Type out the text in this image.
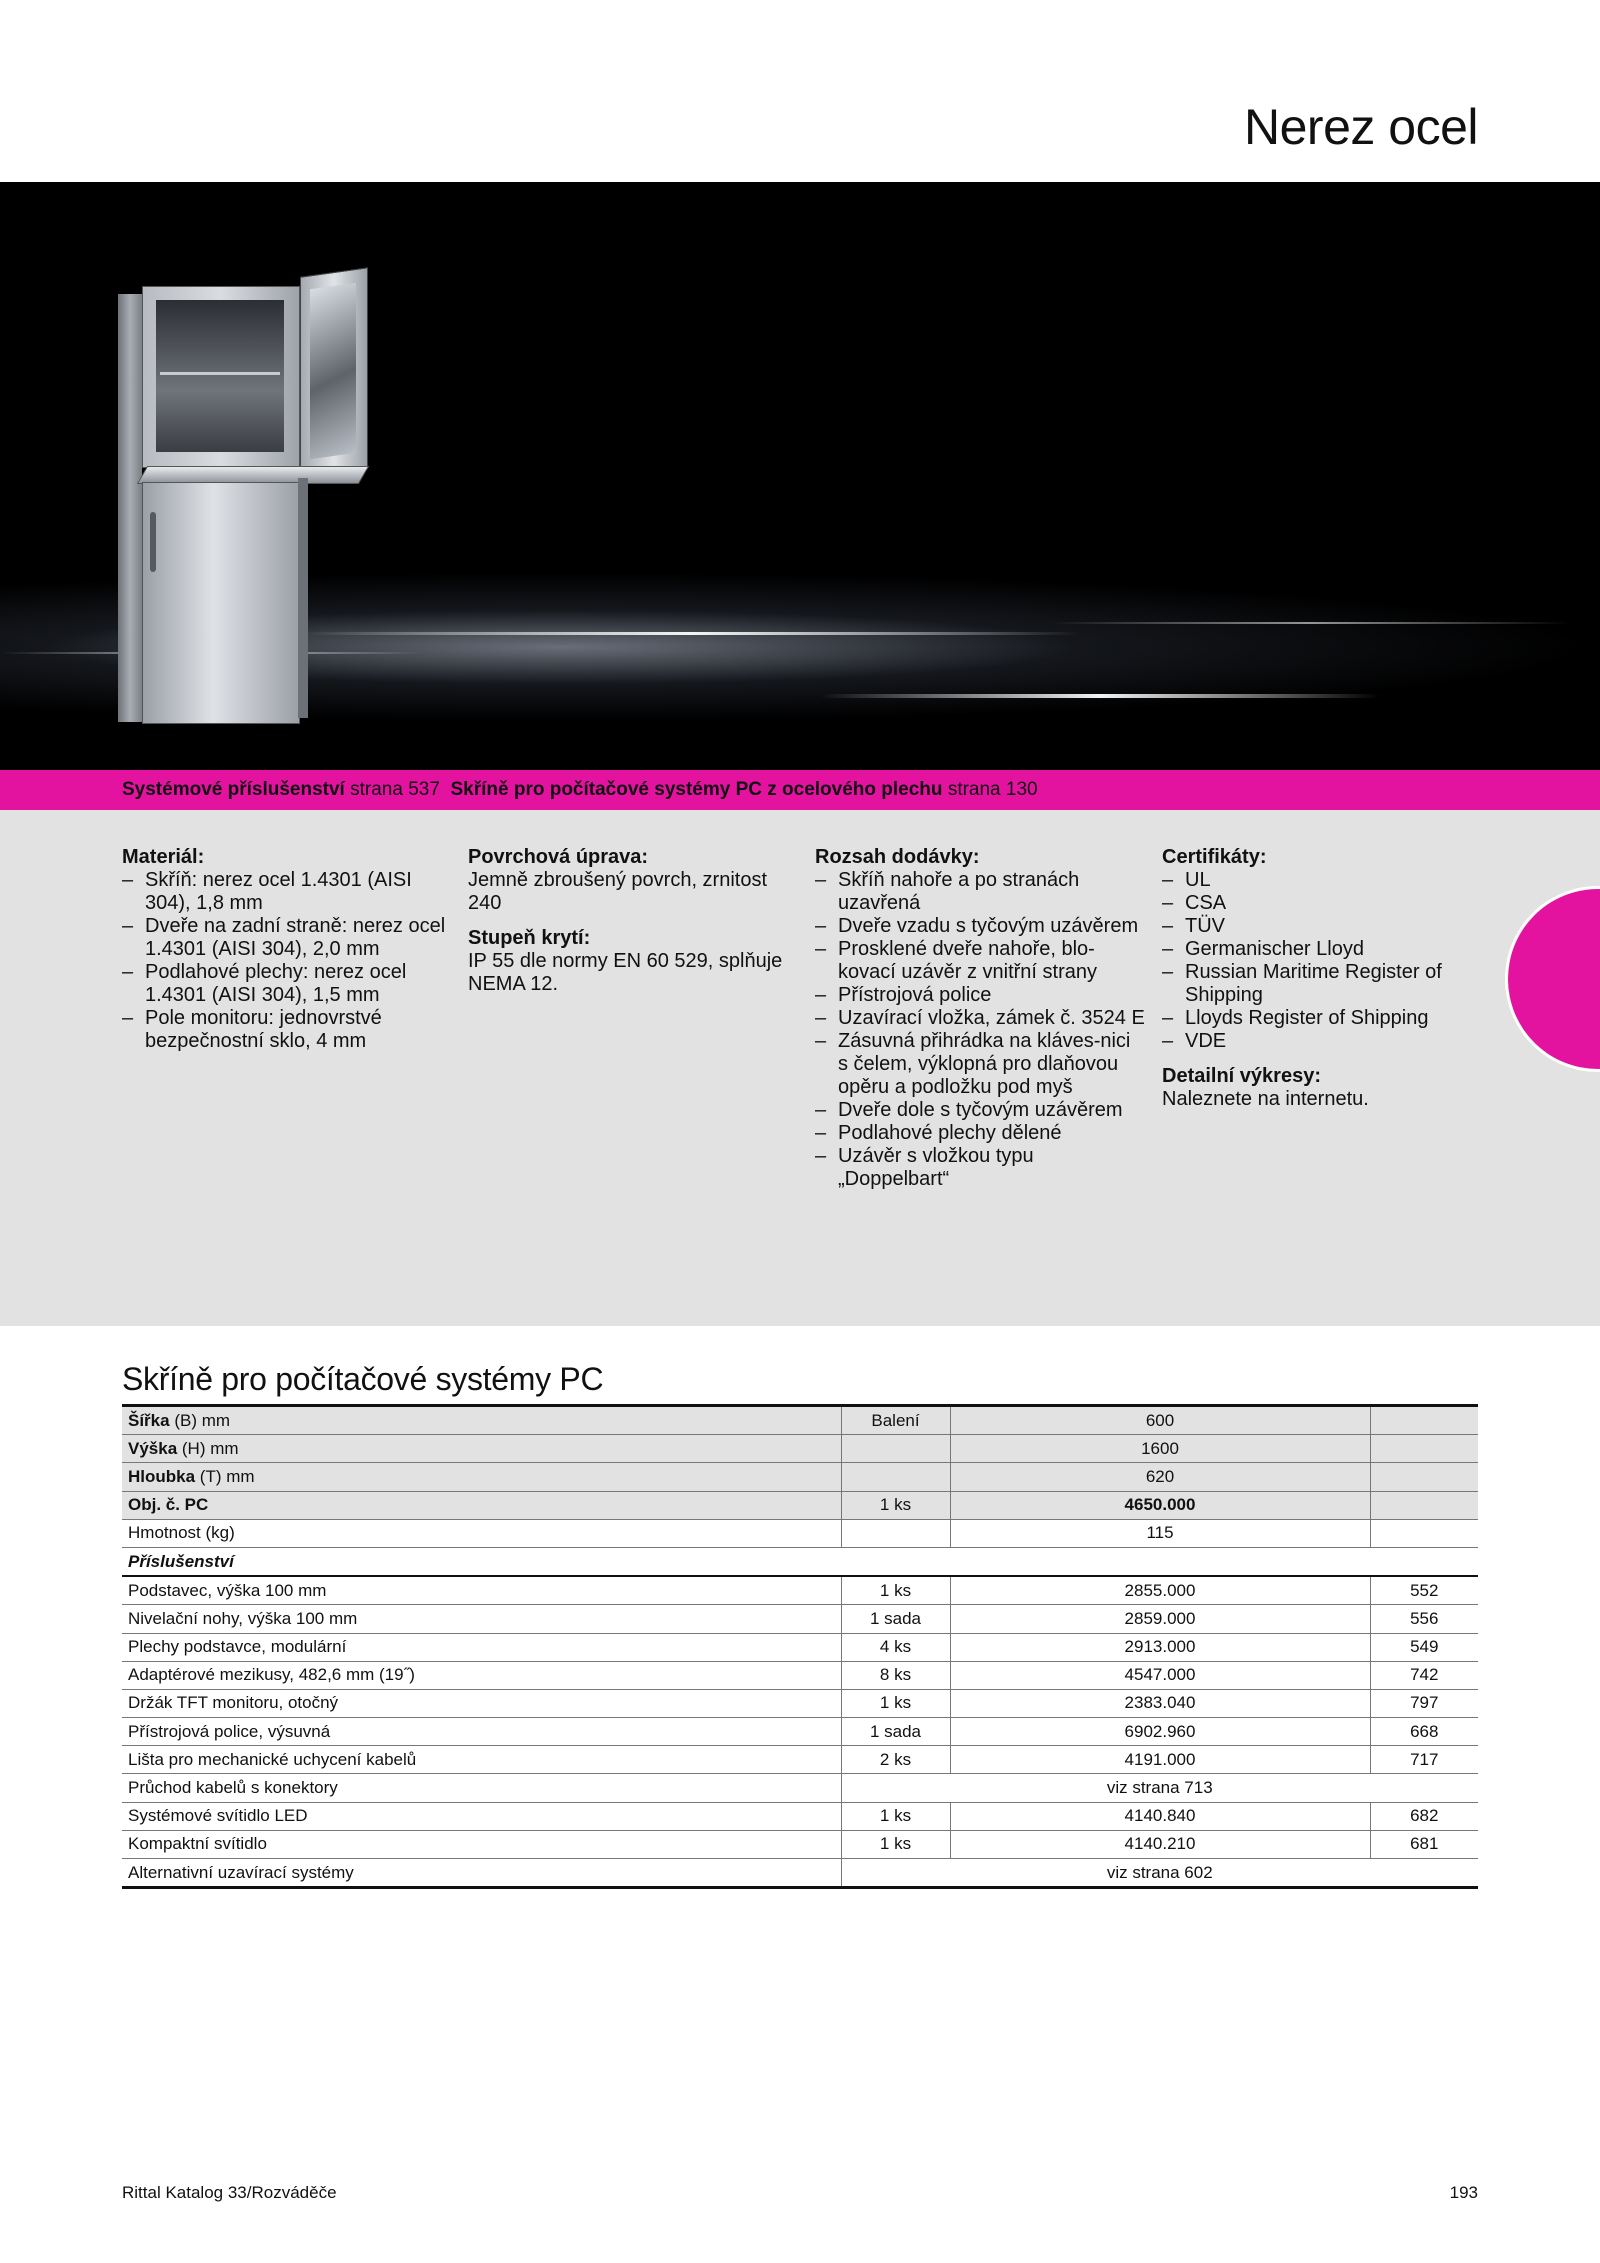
Nerez ocel
Systémové příslušenství strana 537 Skříně pro počítačové systémy PC z ocelového plechu strana 130
Materiál:
– Skříň: nerez ocel 1.4301 (AISI 304), 1,8 mm
– Dveře na zadní straně: nerez ocel 1.4301 (AISI 304), 2,0 mm
– Podlahové plechy: nerez ocel 1.4301 (AISI 304), 1,5 mm
– Pole monitoru: jednovrstvé bezpečnostní sklo, 4 mm
Povrchová úprava:

Jemně zbroušený povrch, zrnitost 240

Stupeň krytí:

IP 55 dle normy EN 60 529, splňuje NEMA 12.

Rozsah dodávky:
– Skříň nahoře a po stranách uzavřená
– Dveře vzadu s tyčovým uzávěrem
– Prosklené dveře nahoře, blo-kovací uzávěr z vnitřní strany
– Přístrojová police
– Uzavírací vložka, zámek č. 3524 E
– Zásuvná přihrádka na kláves-nici s čelem, výklopná pro dlaňovou opěru a podložku pod myš
– Dveře dole s tyčovým uzávěrem
– Podlahové plechy dělené
– Uzávěr s vložkou typu „Doppelbart“
Certifikáty:
– UL
– CSA
– TÜV
– Germanischer Lloyd
– Russian Maritime Register of Shipping
– Lloyds Register of Shipping
– VDE
Detailní výkresy:

Naleznete na internetu.

Skříně pro počítačové systémy PC
Šířka (B) mm	Balení	600	
Výška (H) mm		1600	
Hloubka (T) mm		620	
Obj. č. PC	1 ks	4650.000	
Hmotnost (kg)		115	
Příslušenství			
Podstavec, výška 100 mm	1 ks	2855.000	552
Nivelační nohy, výška 100 mm	1 sada	2859.000	556
Plechy podstavce, modulární	4 ks	2913.000	549
Adaptérové mezikusy, 482,6 mm (19˝)	8 ks	4547.000	742
Držák TFT monitoru, otočný	1 ks	2383.040	797
Přístrojová police, výsuvná	1 sada	6902.960	668
Lišta pro mechanické uchycení kabelů	2 ks	4191.000	717
Průchod kabelů s konektory	viz strana 713		
Systémové svítidlo LED	1 ks	4140.840	682
Kompaktní svítidlo	1 ks	4140.210	681
Alternativní uzavírací systémy	viz strana 602		
Rittal Katalog 33/Rozváděče	193
